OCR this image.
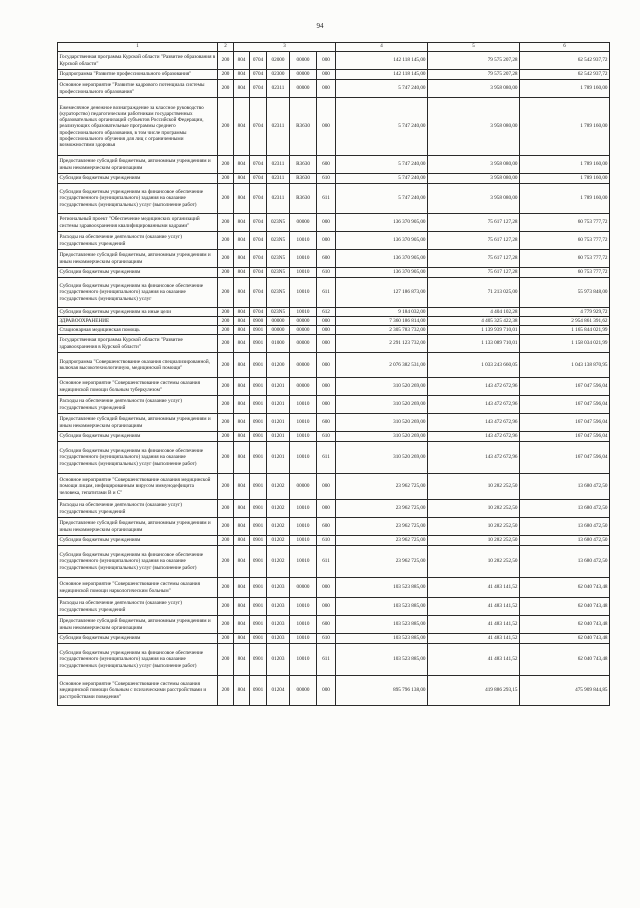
94
1	2	3					4	5	6
Государственная программа Курской области "Развитие образования в Курской области"	200	804	0704	02000	00000	000	142 118 145,00	79 575 207,28	62 542 937,72
Подпрограмма "Развитие профессионального образования"	200	804	0704	02300	00000	000	142 118 145,00	79 575 207,28	62 542 937,72
Основное мероприятие "Развитие кадрового потенциала системы профессионального образования"	200	804	0704	02311	00000	000	5 747 240,00	3 958 080,00	1 789 160,00
Ежемесячное денежное вознаграждение за классное руководство (кураторство) педагогическим работникам государственных образовательных организаций субъектов Российской Федерации, реализующих образовательные программы среднего профессионального образования, в том числе программы профессионального обучения для лиц с ограниченными возможностями здоровья	200	804	0704	02311	R3630	000	5 747 240,00	3 958 080,00	1 789 160,00
Предоставление субсидий бюджетным, автономным учреждениям и иным некоммерческим организациям	200	804	0704	02311	R3630	600	5 747 240,00	3 958 080,00	1 789 160,00
Субсидии бюджетным учреждениям	200	804	0704	02311	R3630	610	5 747 240,00	3 958 080,00	1 789 160,00
Субсидии бюджетным учреждениям на финансовое обеспечение государственного (муниципального) задания на оказание государственных (муниципальных) услуг (выполнение работ)	200	804	0704	02311	R3630	611	5 747 240,00	3 958 080,00	1 789 160,00
Региональный проект "Обеспечение медицинских организаций системы здравоохранения квалифицированными кадрами"	200	804	0704	023N5	00000	000	136 370 905,00	75 617 127,28	60 753 777,72
Расходы на обеспечение деятельности (оказание услуг) государственных учреждений	200	804	0704	023N5	10010	000	136 370 905,00	75 617 127,28	60 753 777,72
Предоставление субсидий бюджетным, автономным учреждениям и иным некоммерческим организациям	200	804	0704	023N5	10010	600	136 370 905,00	75 617 127,28	60 753 777,72
Субсидии бюджетным учреждениям	200	804	0704	023N5	10010	610	136 370 905,00	75 617 127,28	60 753 777,72
Субсидии бюджетным учреждениям на финансовое обеспечение государственного (муниципального) задания на оказание государственных (муниципальных) услуг	200	804	0704	023N5	10010	611	127 186 873,00	71 213 025,00	55 973 848,00
Субсидии бюджетным учреждениям на иные цели	200	804	0704	023N5	10010	612	9 184 032,00	4 404 102,28	4 779 929,72
ЗДРАВООХРАНЕНИЕ	200	804	0900	00000	00000	000	7 360 186 814,00	4 405 325 422,38	2 954 861 391,62
Стационарная медицинская помощь	200	804	0901	00000	00000	000	2 305 783 732,00	1 139 939 710,01	1 165 844 021,99
Государственная программа Курской области "Развитие здравоохранения в Курской области"	200	804	0901	01000	00000	000	2 291 123 732,00	1 133 089 710,01	1 158 034 021,99
Подпрограмма "Совершенствование оказания специализированной, включая высокотехнологичную, медицинской помощи"	200	804	0901	01200	00000	000	2 076 382 531,00	1 033 243 660,05	1 043 138 870,95
Основное мероприятие "Совершенствование системы оказания медицинской помощи больным туберкулезом"	200	804	0901	01201	00000	000	310 520 269,00	143 472 672,96	167 047 596,04
Расходы на обеспечение деятельности (оказание услуг) государственных учреждений	200	804	0901	01201	10010	000	310 520 269,00	143 472 672,96	167 047 596,04
Предоставление субсидий бюджетным, автономным учреждениям и иным некоммерческим организациям	200	804	0901	01201	10010	600	310 520 269,00	143 472 672,96	167 047 596,04
Субсидии бюджетным учреждениям	200	804	0901	01201	10010	610	310 520 269,00	143 472 672,96	167 047 596,04
Субсидии бюджетным учреждениям на финансовое обеспечение государственного (муниципального) задания на оказание государственных (муниципальных) услуг (выполнение работ)	200	804	0901	01201	10010	611	310 520 269,00	143 472 672,96	167 047 596,04
Основное мероприятие "Совершенствование оказания медицинской помощи лицам, инфицированным вирусом иммунодефицита человека, гепатитами B и C"	200	804	0901	01202	00000	000	23 962 725,00	10 282 252,50	13 680 472,50
Расходы на обеспечение деятельности (оказание услуг) государственных учреждений	200	804	0901	01202	10010	000	23 962 725,00	10 282 252,50	13 680 472,50
Предоставление субсидий бюджетным, автономным учреждениям и иным некоммерческим организациям	200	804	0901	01202	10010	600	23 962 725,00	10 282 252,50	13 680 472,50
Субсидии бюджетным учреждениям	200	804	0901	01202	10010	610	23 962 725,00	10 282 252,50	13 680 472,50
Субсидии бюджетным учреждениям на финансовое обеспечение государственного (муниципального) задания на оказание государственных (муниципальных) услуг (выполнение работ)	200	804	0901	01202	10010	611	23 962 725,00	10 282 252,50	13 680 472,50
Основное мероприятие "Совершенствование системы оказания медицинской помощи наркологическим больным"	200	804	0901	01203	00000	000	103 523 885,00	41 483 141,52	62 040 743,48
Расходы на обеспечение деятельности (оказание услуг) государственных учреждений	200	804	0901	01203	10010	000	103 523 885,00	41 483 141,52	62 040 743,48
Предоставление субсидий бюджетным, автономным учреждениям и иным некоммерческим организациям	200	804	0901	01203	10010	600	103 523 885,00	41 483 141,52	62 040 743,48
Субсидии бюджетным учреждениям	200	804	0901	01203	10010	610	103 523 885,00	41 483 141,52	62 040 743,48
Субсидии бюджетным учреждениям на финансовое обеспечение государственного (муниципального) задания на оказание государственных (муниципальных) услуг (выполнение работ)	200	804	0901	01203	10010	611	103 523 885,00	41 483 141,52	62 040 743,48
Основное мероприятие "Совершенствование системы оказания медицинской помощи больным с психическими расстройствами и расстройствами поведения"	200	804	0901	01204	00000	000	895 796 138,00	419 886 293,15	475 909 844,85
